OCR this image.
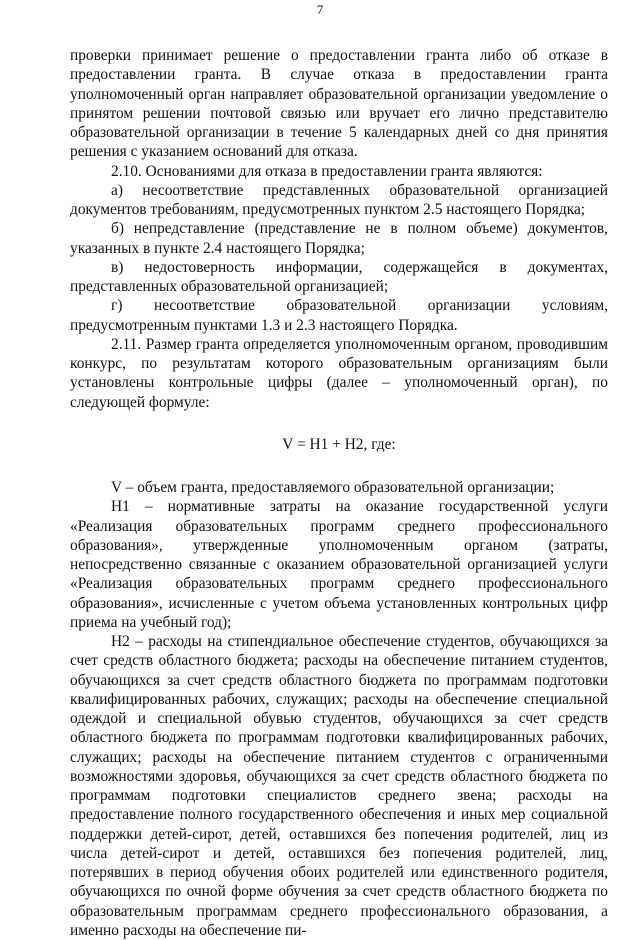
7

проверки принимает решение о предоставлении гранта либо об отказе в предоставлении гранта. В случае отказа в предоставлении гранта уполномоченный орган направляет образовательной организации уведомление о принятом решении почтовой связью или вручает его лично представителю образовательной организации в течение 5 календарных дней со дня принятия решения с указанием оснований для отказа.

2.10. Основаниями для отказа в предоставлении гранта являются:

а) несоответствие представленных образовательной организацией документов требованиям, предусмотренных пунктом 2.5 настоящего Порядка;

б) непредставление (представление не в полном объеме) документов, указанных в пункте 2.4 настоящего Порядка;

в) недостоверность информации, содержащейся в документах, представленных образовательной организацией;

г) несоответствие образовательной организации условиям, предусмотренным пунктами 1.3 и 2.3 настоящего Порядка.

2.11. Размер гранта определяется уполномоченным органом, проводившим конкурс, по результатам которого образовательным организациям были установлены контрольные цифры (далее – уполномоченный орган), по следующей формуле:

V = H1 + H2, где:

V – объем гранта, предоставляемого образовательной организации;

H1 – нормативные затраты на оказание государственной услуги «Реализация образовательных программ среднего профессионального образования», утвержденные уполномоченным органом (затраты, непосредственно связанные с оказанием образовательной организацией услуги «Реализация образовательных программ среднего профессионального образования», исчисленные с учетом объема установленных контрольных цифр приема на учебный год);

H2 – расходы на стипендиальное обеспечение студентов, обучающихся за счет средств областного бюджета; расходы на обеспечение питанием студентов, обучающихся за счет средств областного бюджета по программам подготовки квалифицированных рабочих, служащих; расходы на обеспечение специальной одеждой и специальной обувью студентов, обучающихся за счет средств областного бюджета по программам подготовки квалифицированных рабочих, служащих; расходы на обеспечение питанием студентов с ограниченными возможностями здоровья, обучающихся за счет средств областного бюджета по программам подготовки специалистов среднего звена; расходы на предоставление полного государственного обеспечения и иных мер социальной поддержки детей-сирот, детей, оставшихся без попечения родителей, лиц из числа детей-сирот и детей, оставшихся без попечения родителей, лиц, потерявших в период обучения обоих родителей или единственного родителя, обучающихся по очной форме обучения за счет средств областного бюджета по образовательным программам среднего профессионального образования, а именно расходы на обеспечение пи-
